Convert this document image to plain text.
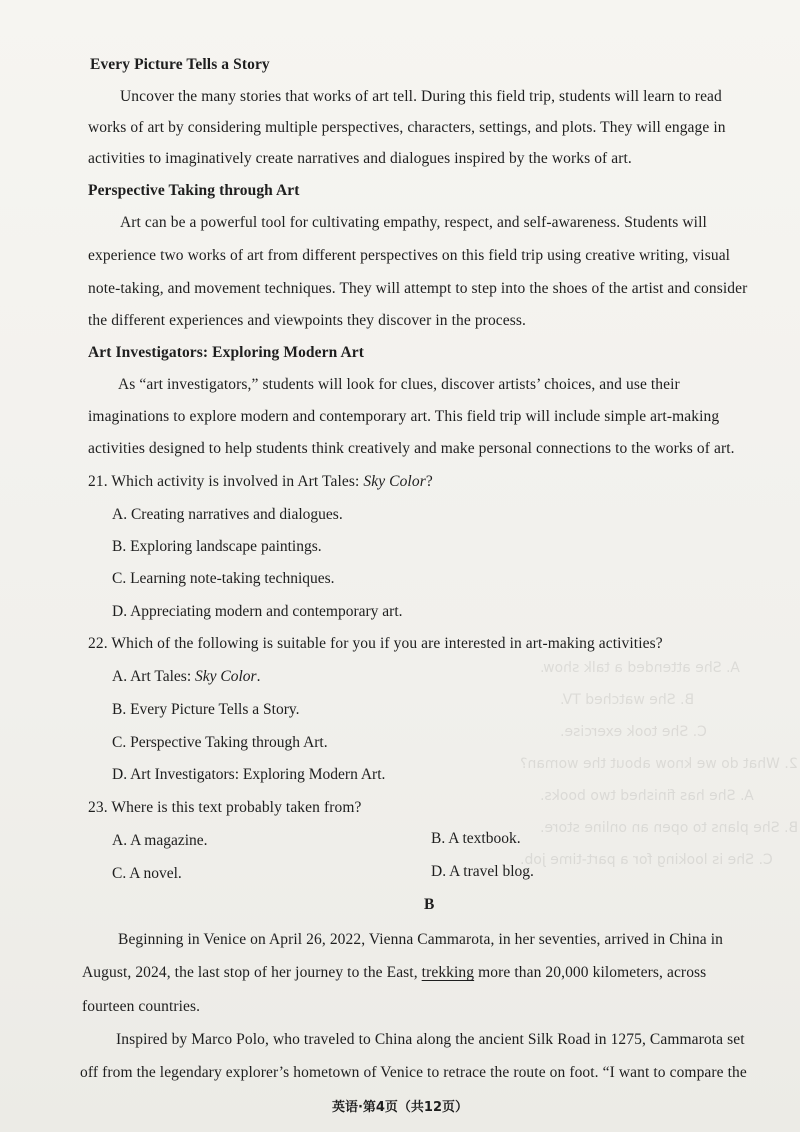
A. She attended a talk show.
B. She watched TV.
C. She took exercise.
2. What do we know about the woman?
A. She has finished two books.
B. She plans to open an online store.
C. She is looking for a part-time job.
Every Picture Tells a Story
Uncover the many stories that works of art tell. During this field trip, students will learn to read
works of art by considering multiple perspectives, characters, settings, and plots. They will engage in
activities to imaginatively create narratives and dialogues inspired by the works of art.
Perspective Taking through Art
Art can be a powerful tool for cultivating empathy, respect, and self-awareness. Students will
experience two works of art from different perspectives on this field trip using creative writing, visual
note-taking, and movement techniques. They will attempt to step into the shoes of the artist and consider
the different experiences and viewpoints they discover in the process.
Art Investigators: Exploring Modern Art
As “art investigators,” students will look for clues, discover artists’ choices, and use their
imaginations to explore modern and contemporary art. This field trip will include simple art-making
activities designed to help students think creatively and make personal connections to the works of art.
21. Which activity is involved in Art Tales: Sky Color?
A. Creating narratives and dialogues.
B. Exploring landscape paintings.
C. Learning note-taking techniques.
D. Appreciating modern and contemporary art.
22. Which of the following is suitable for you if you are interested in art-making activities?
A. Art Tales: Sky Color.
B. Every Picture Tells a Story.
C. Perspective Taking through Art.
D. Art Investigators: Exploring Modern Art.
23. Where is this text probably taken from?
A. A magazine.	B. A textbook.
C. A novel.	D. A travel blog.
B
Beginning in Venice on April 26, 2022, Vienna Cammarota, in her seventies, arrived in China in
August, 2024, the last stop of her journey to the East, trekking more than 20,000 kilometers, across
fourteen countries.
Inspired by Marco Polo, who traveled to China along the ancient Silk Road in 1275, Cammarota set
off from the legendary explorer’s hometown of Venice to retrace the route on foot. “I want to compare the
英语·第4页（共12页）
